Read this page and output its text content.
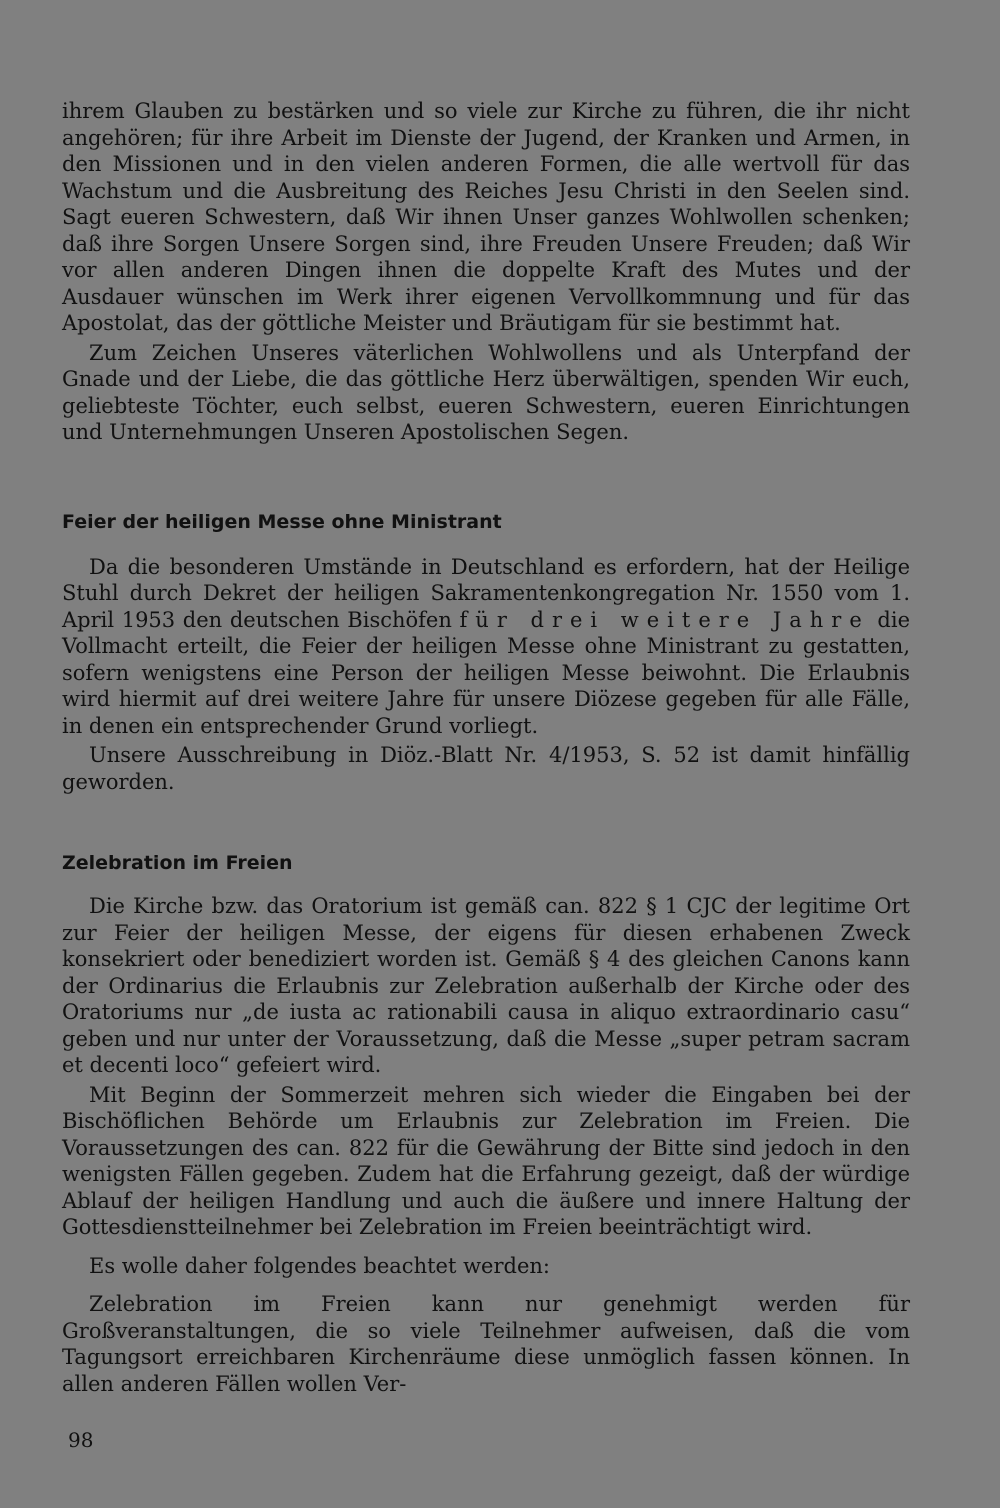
ihrem Glauben zu bestärken und so viele zur Kirche zu führen, die ihr nicht angehören; für ihre Arbeit im Dienste der Jugend, der Kranken und Armen, in den Missionen und in den vielen anderen Formen, die alle wertvoll für das Wachstum und die Ausbreitung des Reiches Jesu Christi in den Seelen sind. Sagt eueren Schwestern, daß Wir ihnen Unser ganzes Wohlwollen schenken; daß ihre Sorgen Unsere Sorgen sind, ihre Freuden Unsere Freuden; daß Wir vor allen anderen Dingen ihnen die doppelte Kraft des Mutes und der Ausdauer wünschen im Werk ihrer eigenen Vervollkommnung und für das Apostolat, das der göttliche Meister und Bräutigam für sie bestimmt hat.

Zum Zeichen Unseres väterlichen Wohlwollens und als Unterpfand der Gnade und der Liebe, die das göttliche Herz überwältigen, spenden Wir euch, geliebteste Töchter, euch selbst, eueren Schwestern, eueren Einrichtungen und Unternehmungen Unseren Apostolischen Segen.

Feier der heiligen Messe ohne Ministrant

Da die besonderen Umstände in Deutschland es erfordern, hat der Heilige Stuhl durch Dekret der heiligen Sakramentenkongregation Nr. 1550 vom 1. April 1953 den deutschen Bischöfen für drei weitere Jahre die Vollmacht erteilt, die Feier der heiligen Messe ohne Ministrant zu gestatten, sofern wenigstens eine Person der heiligen Messe beiwohnt. Die Erlaubnis wird hiermit auf drei weitere Jahre für unsere Diözese gegeben für alle Fälle, in denen ein entsprechender Grund vorliegt.

Unsere Ausschreibung in Diöz.-Blatt Nr. 4/1953, S. 52 ist damit hinfällig geworden.

Zelebration im Freien

Die Kirche bzw. das Oratorium ist gemäß can. 822 § 1 CJC der legitime Ort zur Feier der heiligen Messe, der eigens für diesen erhabenen Zweck konsekriert oder benediziert worden ist. Gemäß § 4 des gleichen Canons kann der Ordinarius die Erlaubnis zur Zelebration außerhalb der Kirche oder des Oratoriums nur „de iusta ac rationabili causa in aliquo extraordinario casu“ geben und nur unter der Voraussetzung, daß die Messe „super petram sacram et decenti loco“ gefeiert wird.

Mit Beginn der Sommerzeit mehren sich wieder die Eingaben bei der Bischöflichen Behörde um Erlaubnis zur Zelebration im Freien. Die Voraussetzungen des can. 822 für die Gewährung der Bitte sind jedoch in den wenigsten Fällen gegeben. Zudem hat die Erfahrung gezeigt, daß der würdige Ablauf der heiligen Handlung und auch die äußere und innere Haltung der Gottesdienstteilnehmer bei Zelebration im Freien beeinträchtigt wird.

Es wolle daher folgendes beachtet werden:

Zelebration im Freien kann nur genehmigt werden für Großveranstaltungen, die so viele Teilnehmer aufweisen, daß die vom Tagungsort erreichbaren Kirchenräume diese unmöglich fassen können. In allen anderen Fällen wollen Ver-

98
